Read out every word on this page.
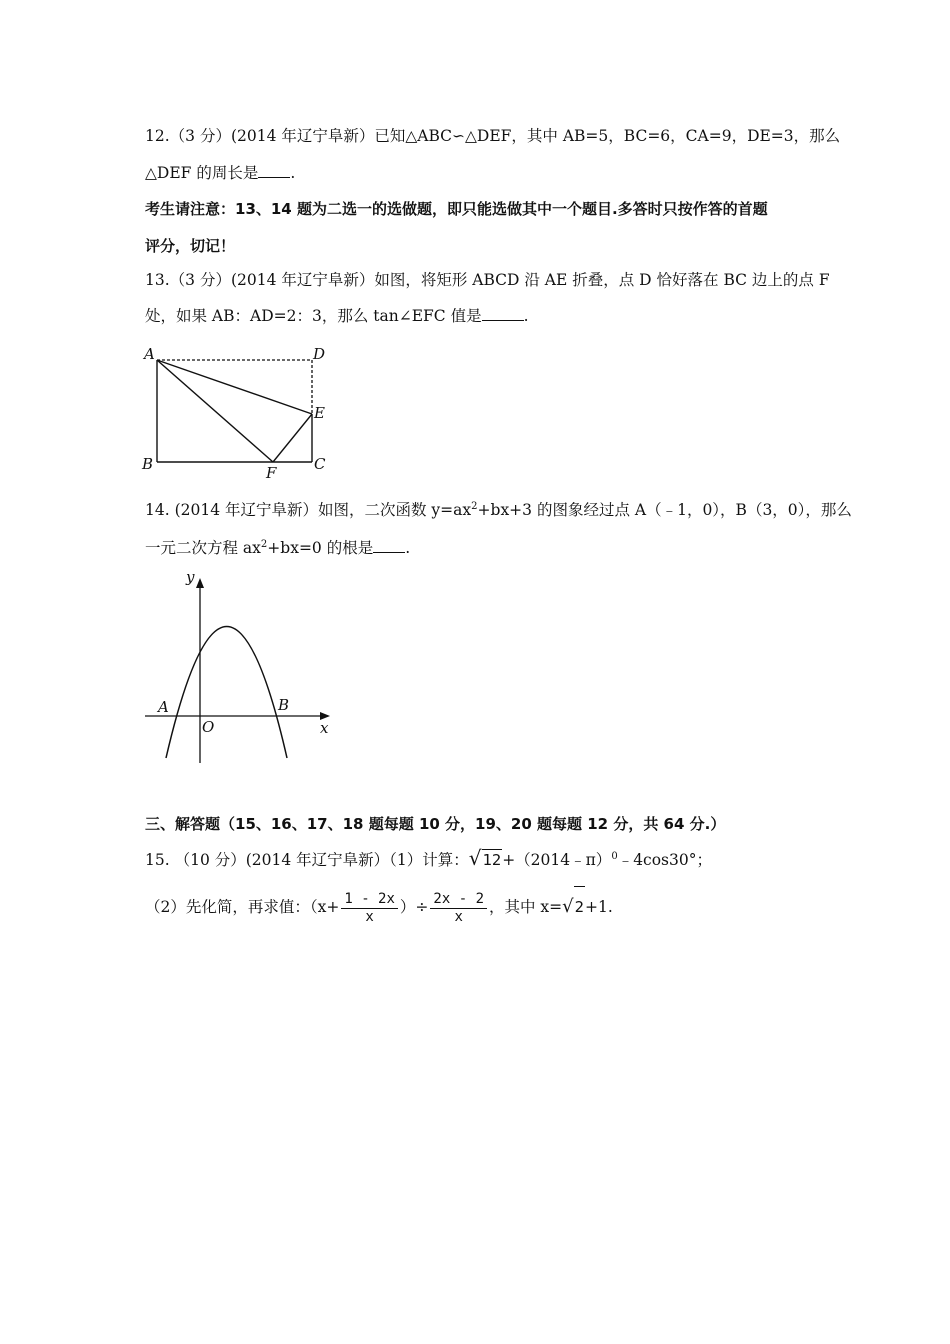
12.（3 分）(2014 年辽宁阜新）已知△ABC∽△DEF，其中 AB=5，BC=6，CA=9，DE=3，那么
△DEF 的周长是 .
考生请注意：13、14 题为二选一的选做题，即只能选做其中一个题目.多答时只按作答的首题
评分，切记！
13.（3 分）(2014 年辽宁阜新）如图，将矩形 ABCD 沿 AE 折叠，点 D 恰好落在 BC 边上的点 F
处，如果 AB：AD=2：3，那么 tan∠EFC 值是	.
A
B	C
D
E
F
14. (2014 年辽宁阜新）如图，二次函数 $y=ax^2+bx+3$ 的图象经过点 A（﹣1，0），B（3，0），那么
一元二次方程 $ax^2+bx=0$ 的根是 .
y
x
O
A	B
三、解答题（15、16、17、18 题每题 10 分，19、20 题每题 12 分，共 64 分.）
15. （10 分）(2014 年辽宁阜新）（1）计算：√12+（2014﹣π）$^0$﹣4cos30°；
（2）先化简，再求值：（$x+ \frac{1 - 2x}{x}$ ）÷ $\frac{2x - 2}{x}$ ，其中 x=√2+1.
